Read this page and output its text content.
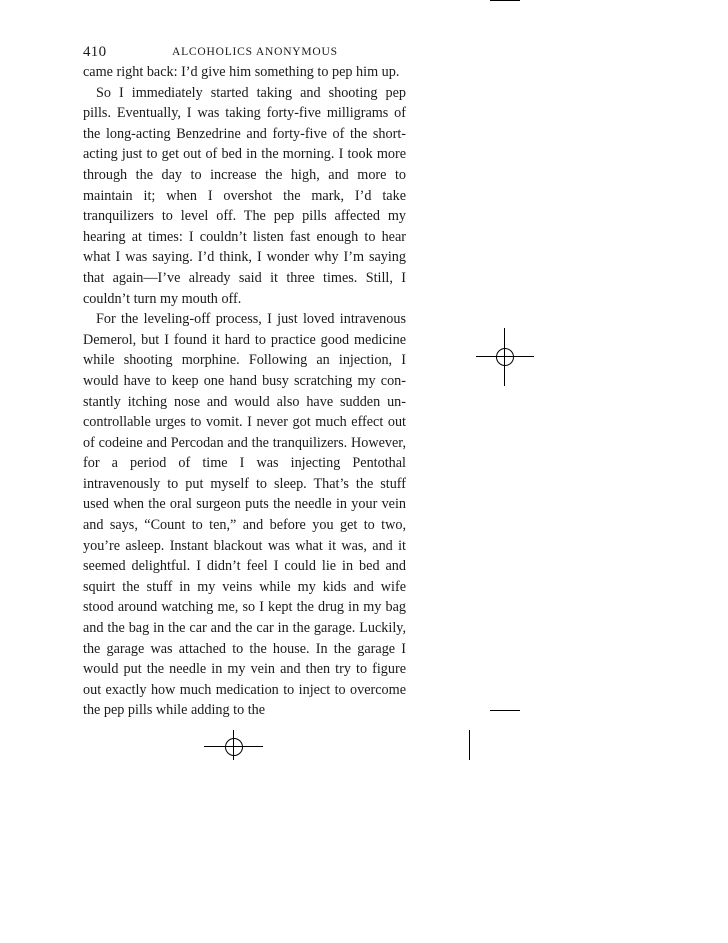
410	ALCOHOLICS ANONYMOUS

came right back: I’d give him something to pep him up.

So I immediately started taking and shooting pep pills. Eventually, I was taking forty-five milligrams of the long-acting Benzedrine and forty-five of the short-acting just to get out of bed in the morning. I took more through the day to increase the high, and more to maintain it; when I overshot the mark, I’d take tranquilizers to level off. The pep pills affected my hearing at times: I couldn’t listen fast enough to hear what I was saying. I’d think, I wonder why I’m saying that again—I’ve already said it three times. Still, I couldn’t turn my mouth off.

For the leveling-off process, I just loved intravenous Demerol, but I found it hard to practice good medicine while shooting morphine. Following an injection, I would have to keep one hand busy scratching my constantly itching nose and would also have sudden uncontrollable urges to vomit. I never got much effect out of codeine and Percodan and the tranquilizers. However, for a period of time I was injecting Pentothal intravenously to put myself to sleep. That’s the stuff used when the oral surgeon puts the needle in your vein and says, “Count to ten,” and before you get to two, you’re asleep. Instant blackout was what it was, and it seemed delightful. I didn’t feel I could lie in bed and squirt the stuff in my veins while my kids and wife stood around watching me, so I kept the drug in my bag and the bag in the car and the car in the garage. Luckily, the garage was attached to the house. In the garage I would put the needle in my vein and then try to figure out exactly how much medication to inject to overcome the pep pills while adding to the
